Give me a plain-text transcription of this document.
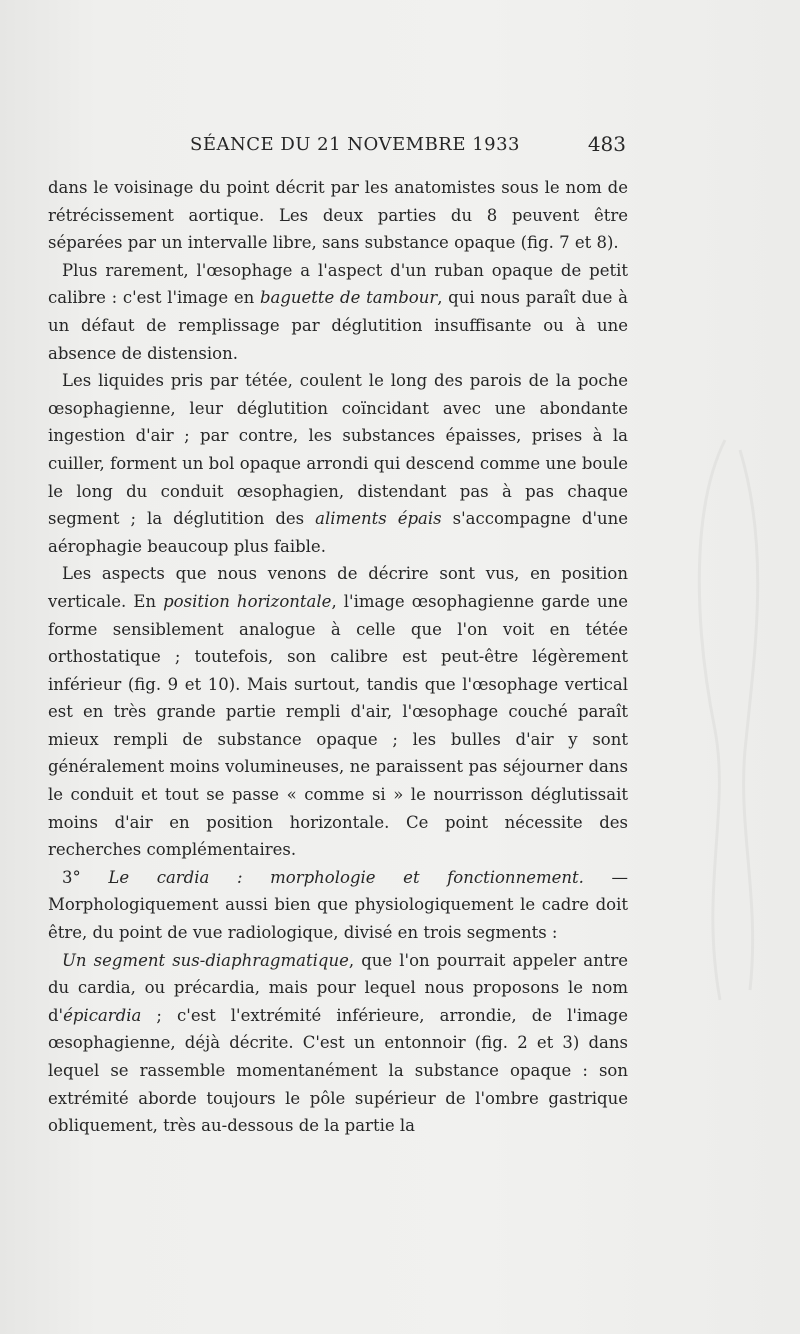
SÉANCE DU 21 NOVEMBRE 1933	483

dans le voisinage du point décrit par les anatomistes sous le nom de rétrécissement aortique. Les deux parties du 8 peuvent être séparées par un intervalle libre, sans substance opaque (fig. 7 et 8).

Plus rarement, l'œsophage a l'aspect d'un ruban opaque de petit calibre : c'est l'image en baguette de tambour, qui nous paraît due à un défaut de remplissage par déglutition insuffisante ou à une absence de distension.

Les liquides pris par tétée, coulent le long des parois de la poche œsophagienne, leur déglutition coïncidant avec une abondante ingestion d'air ; par contre, les substances épaisses, prises à la cuiller, forment un bol opaque arrondi qui descend comme une boule le long du conduit œsophagien, distendant pas à pas chaque segment ; la déglutition des aliments épais s'accompagne d'une aérophagie beaucoup plus faible.

Les aspects que nous venons de décrire sont vus, en position verticale. En position horizontale, l'image œsophagienne garde une forme sensiblement analogue à celle que l'on voit en tétée orthostatique ; toutefois, son calibre est peut-être légèrement inférieur (fig. 9 et 10). Mais surtout, tandis que l'œsophage vertical est en très grande partie rempli d'air, l'œsophage couché paraît mieux rempli de substance opaque ; les bulles d'air y sont généralement moins volumineuses, ne paraissent pas séjourner dans le conduit et tout se passe « comme si » le nourrisson déglutissait moins d'air en position horizontale. Ce point nécessite des recherches complémentaires.

3° Le cardia : morphologie et fonctionnement. — Morphologiquement aussi bien que physiologiquement le cadre doit être, du point de vue radiologique, divisé en trois segments :

Un segment sus-diaphragmatique, que l'on pourrait appeler antre du cardia, ou précardia, mais pour lequel nous proposons le nom d'épicardia ; c'est l'extrémité inférieure, arrondie, de l'image œsophagienne, déjà décrite. C'est un entonnoir (fig. 2 et 3) dans lequel se rassemble momentanément la substance opaque : son extrémité aborde toujours le pôle supérieur de l'ombre gastrique obliquement, très au-dessous de la partie la
